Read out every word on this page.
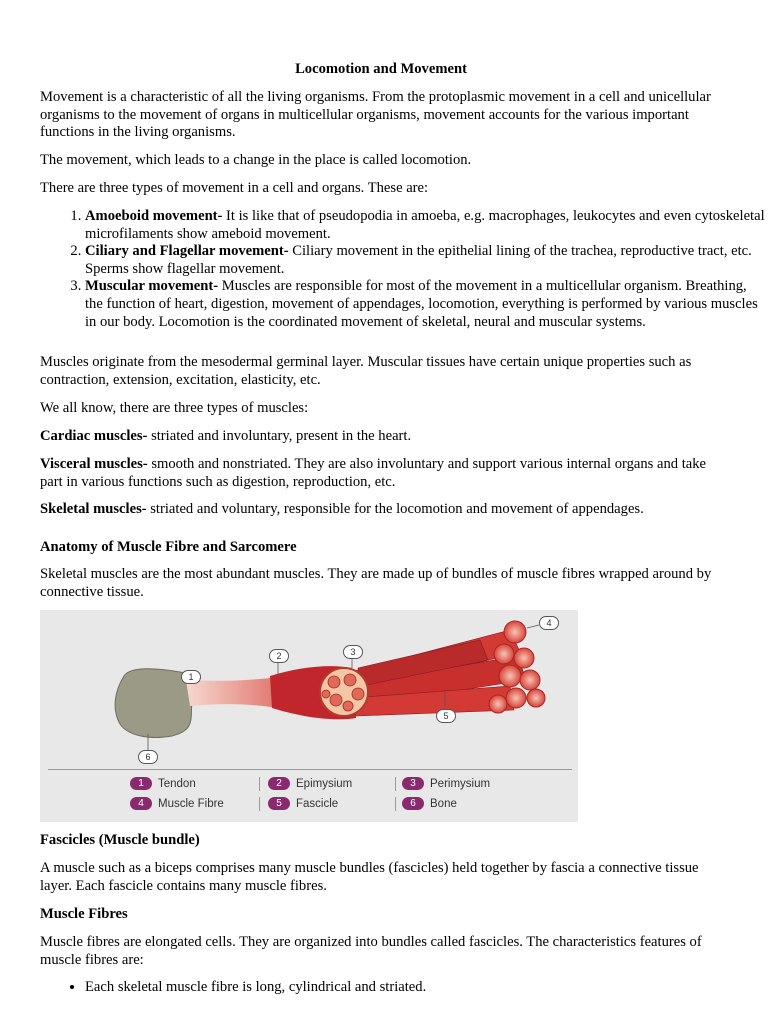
Locomotion and Movement

Movement is a characteristic of all the living organisms. From the protoplasmic movement in a cell and unicellular organisms to the movement of organs in multicellular organisms, movement accounts for the various important functions in the living organisms.

The movement, which leads to a change in the place is called locomotion.

There are three types of movement in a cell and organs. These are:

1. Amoeboid movement- It is like that of pseudopodia in amoeba, e.g. macrophages, leukocytes and even cytoskeletal microfilaments show ameboid movement.
2. Ciliary and Flagellar movement- Ciliary movement in the epithelial lining of the trachea, reproductive tract, etc. Sperms show flagellar movement.
3. Muscular movement- Muscles are responsible for most of the movement in a multicellular organism. Breathing, the function of heart, digestion, movement of appendages, locomotion, everything is performed by various muscles in our body. Locomotion is the coordinated movement of skeletal, neural and muscular systems.

Muscles originate from the mesodermal germinal layer. Muscular tissues have certain unique properties such as contraction, extension, excitation, elasticity, etc.

We all know, there are three types of muscles:

Cardiac muscles- striated and involuntary, present in the heart.

Visceral muscles- smooth and nonstriated. They are also involuntary and support various internal organs and take part in various functions such as digestion, reproduction, etc.

Skeletal muscles- striated and voluntary, responsible for the locomotion and movement of appendages.

Anatomy of Muscle Fibre and Sarcomere

Skeletal muscles are the most abundant muscles. They are made up of bundles of muscle fibres wrapped around by connective tissue.

1
2	3
4
5
6
1 Tendon	2 Epimysium	3 Perimysium
4 Muscle Fibre	5 Fascicle	6 Bone

Fascicles (Muscle bundle)

A muscle such as a biceps comprises many muscle bundles (fascicles) held together by fascia a connective tissue layer. Each fascicle contains many muscle fibres.

Muscle Fibres

Muscle fibres are elongated cells. They are organized into bundles called fascicles. The characteristics features of muscle fibres are:

• Each skeletal muscle fibre is long, cylindrical and striated.
